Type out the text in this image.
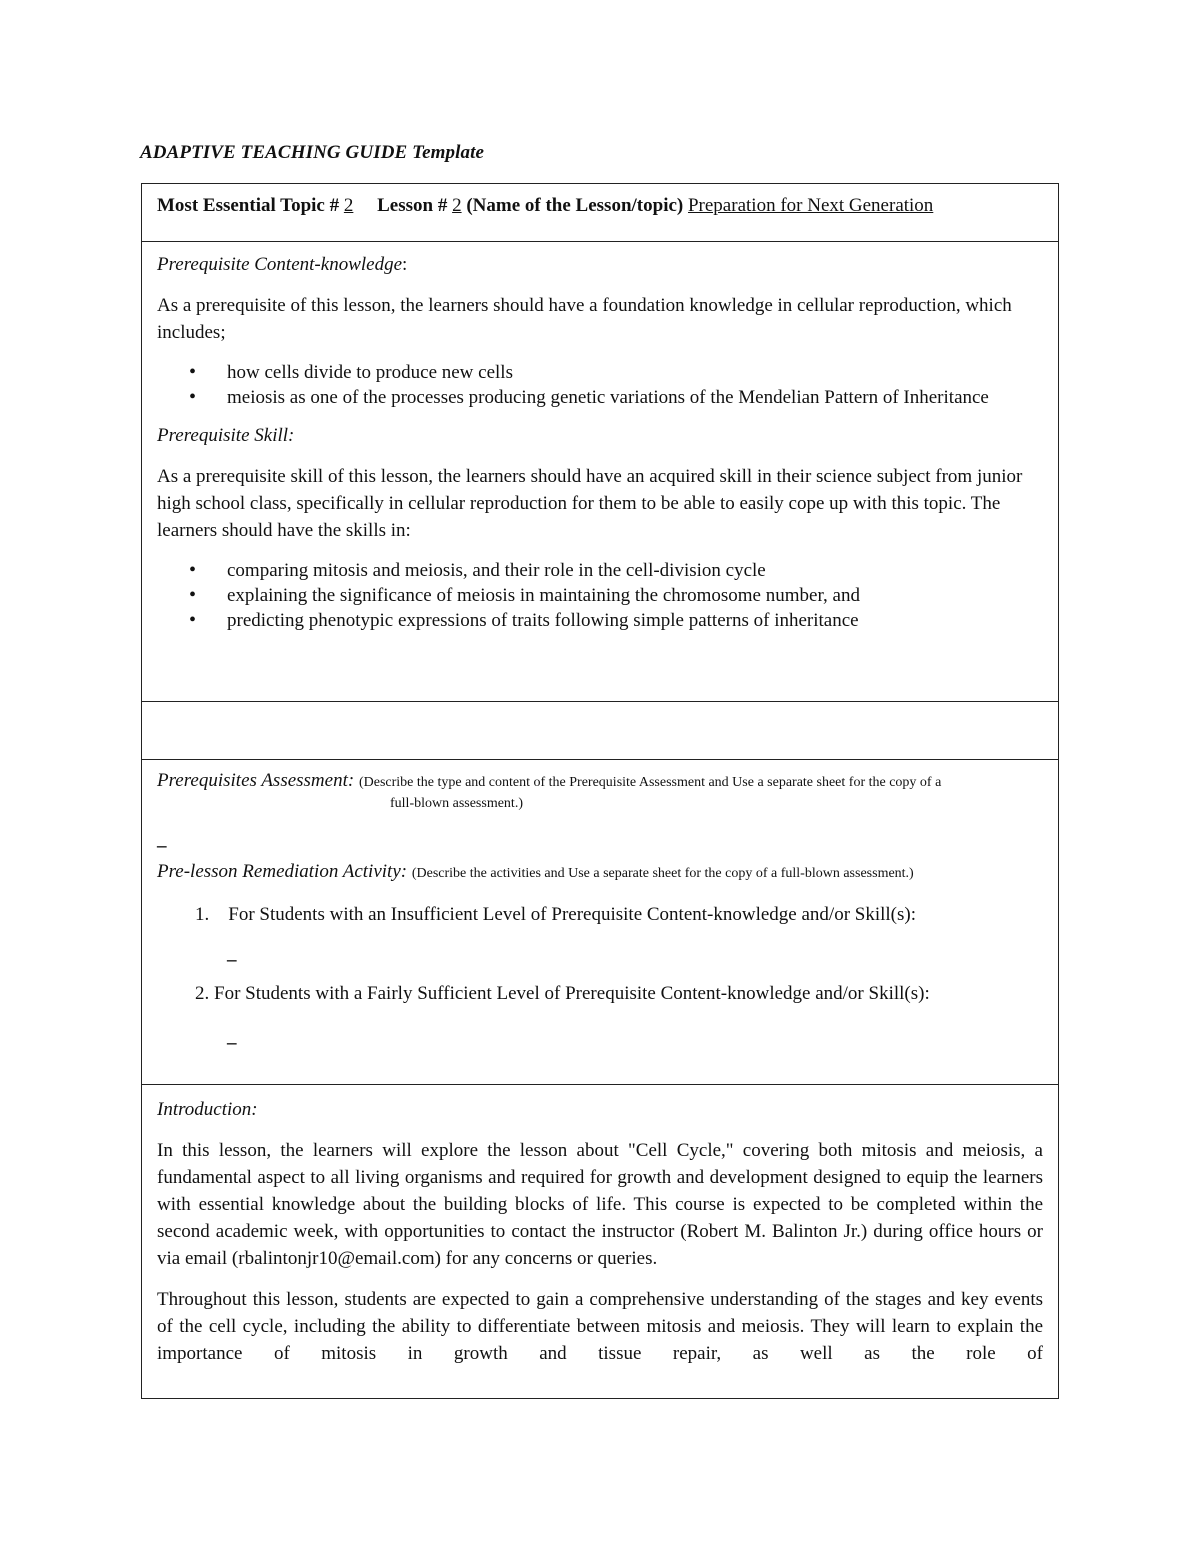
ADAPTIVE TEACHING GUIDE Template
Most Essential Topic # 2 Lesson # 2 (Name of the Lesson/topic) Preparation for Next Generation

Prerequisite Content-knowledge:

As a prerequisite of this lesson, the learners should have a foundation knowledge in cellular reproduction, which includes;

• how cells divide to produce new cells
• meiosis as one of the processes producing genetic variations of the Mendelian Pattern of Inheritance

Prerequisite Skill:

As a prerequisite skill of this lesson, the learners should have an acquired skill in their science subject from junior high school class, specifically in cellular reproduction for them to be able to easily cope up with this topic. The learners should have the skills in:

• comparing mitosis and meiosis, and their role in the cell-division cycle
• explaining the significance of meiosis in maintaining the chromosome number, and
• predicting phenotypic expressions of traits following simple patterns of inheritance

Prerequisites Assessment: (Describe the type and content of the Prerequisite Assessment and Use a separate sheet for the copy of a

full-blown assessment.)
_

Pre-lesson Remediation Activity: (Describe the activities and Use a separate sheet for the copy of a full-blown assessment.)

1. For Students with an Insufficient Level of Prerequisite Content-knowledge and/or Skill(s):

_

2. For Students with a Fairly Sufficient Level of Prerequisite Content-knowledge and/or Skill(s):

_

Introduction:

In this lesson, the learners will explore the lesson about "Cell Cycle," covering both mitosis and meiosis, a fundamental aspect to all living organisms and required for growth and development designed to equip the learners with essential knowledge about the building blocks of life. This course is expected to be completed within the second academic week, with opportunities to contact the instructor (Robert M. Balinton Jr.) during office hours or via email (rbalintonjr10@email.com) for any concerns or queries.

Throughout this lesson, students are expected to gain a comprehensive understanding of the stages and key events of the cell cycle, including the ability to differentiate between mitosis and meiosis. They will learn to explain the importance of mitosis in growth and tissue repair, as well as the role of
